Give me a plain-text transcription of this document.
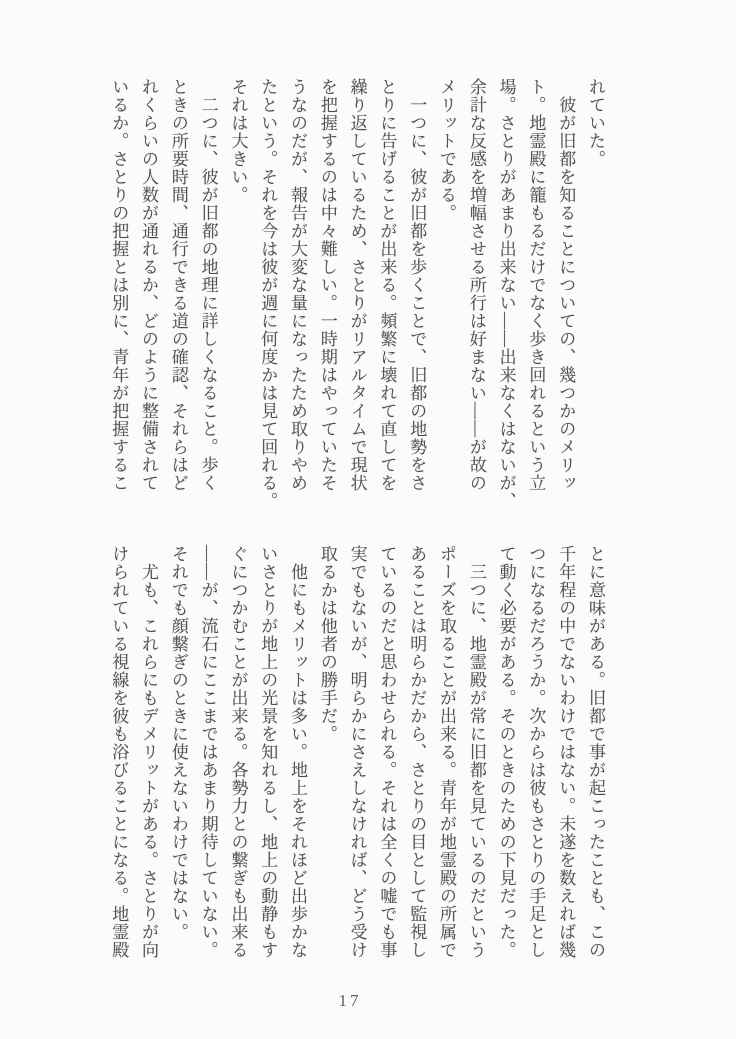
れていた。
　彼が旧都を知ることについての、幾つかのメリッ
ト。地霊殿に籠もるだけでなく歩き回れるという立
場。さとりがあまり出来ない――出来なくはないが、
余計な反感を増幅させる所行は好まない――が故の
メリットである。
　一つに、彼が旧都を歩くことで、旧都の地勢をさ
とりに告げることが出来る。頻繁に壊れて直してを
繰り返しているため、さとりがリアルタイムで現状
を把握するのは中々難しい。一時期はやっていたそ
うなのだが、報告が大変な量になったため取りやめ
たという。それを今は彼が週に何度かは見て回れる。
それは大きい。
　二つに、彼が旧都の地理に詳しくなること。歩く
ときの所要時間、通行できる道の確認、それらはど
れくらいの人数が通れるか、どのように整備されて
いるか。さとりの把握とは別に、青年が把握するこ
とに意味がある。旧都で事が起こったことも、この
千年程の中でないわけではない。未遂を数えれば幾
つになるだろうか。次からは彼もさとりの手足とし
て動く必要がある。そのときのための下見だった。
　三つに、地霊殿が常に旧都を見ているのだという
ポーズを取ることが出来る。青年が地霊殿の所属で
あることは明らかだから、さとりの目として監視し
ているのだと思わせられる。それは全くの嘘でも事
実でもないが、明らかにさえしなければ、どう受け
取るかは他者の勝手だ。
　他にもメリットは多い。地上をそれほど出歩かな
いさとりが地上の光景を知れるし、地上の動静もす
ぐにつかむことが出来る。各勢力との繋ぎも出来る
――が、流石にここまではあまり期待していない。
それでも顔繋ぎのときに使えないわけではない。
　尤も、これらにもデメリットがある。さとりが向
けられている視線を彼も浴びることになる。地霊殿
17
